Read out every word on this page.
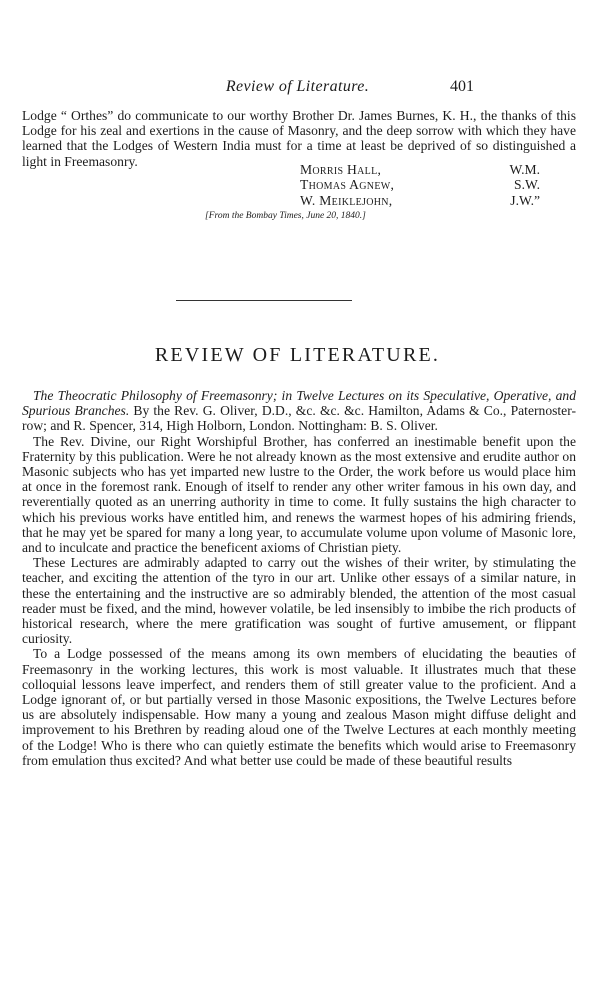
Review of Literature.	401

Lodge “ Orthes” do communicate to our worthy Brother Dr. James Burnes, K. H., the thanks of this Lodge for his zeal and exertions in the cause of Masonry, and the deep sorrow with which they have learned that the Lodges of Western India must for a time at least be deprived of so distinguished a light in Freemasonry.

Morris Hall,	W.M.
Thomas Agnew,	S.W.
W. Meiklejohn,	J.W.”
[From the Bombay Times, June 20, 1840.]
REVIEW OF LITERATURE.

The Theocratic Philosophy of Freemasonry; in Twelve Lectures on its Speculative, Operative, and Spurious Branches. By the Rev. G. Oliver, D.D., &c. &c. &c. Hamilton, Adams & Co., Paternoster-row; and R. Spencer, 314, High Holborn, London. Nottingham: B. S. Oliver.

The Rev. Divine, our Right Worshipful Brother, has conferred an inestimable benefit upon the Fraternity by this publication. Were he not already known as the most extensive and erudite author on Masonic subjects who has yet imparted new lustre to the Order, the work before us would place him at once in the foremost rank. Enough of itself to render any other writer famous in his own day, and reverentially quoted as an unerring authority in time to come. It fully sustains the high character to which his previous works have entitled him, and renews the warmest hopes of his admiring friends, that he may yet be spared for many a long year, to accumulate volume upon volume of Masonic lore, and to inculcate and practice the beneficent axioms of Christian piety.

These Lectures are admirably adapted to carry out the wishes of their writer, by stimulating the teacher, and exciting the attention of the tyro in our art. Unlike other essays of a similar nature, in these the entertaining and the instructive are so admirably blended, the attention of the most casual reader must be fixed, and the mind, however volatile, be led insensibly to imbibe the rich products of historical research, where the mere gratification was sought of furtive amusement, or flippant curiosity.

To a Lodge possessed of the means among its own members of elucidating the beauties of Freemasonry in the working lectures, this work is most valuable. It illustrates much that these colloquial lessons leave imperfect, and renders them of still greater value to the proficient. And a Lodge ignorant of, or but partially versed in those Masonic expositions, the Twelve Lectures before us are absolutely indispensable. How many a young and zealous Mason might diffuse delight and improvement to his Brethren by reading aloud one of the Twelve Lectures at each monthly meeting of the Lodge! Who is there who can quietly estimate the benefits which would arise to Freemasonry from emulation thus excited? And what better use could be made of these beautiful results
